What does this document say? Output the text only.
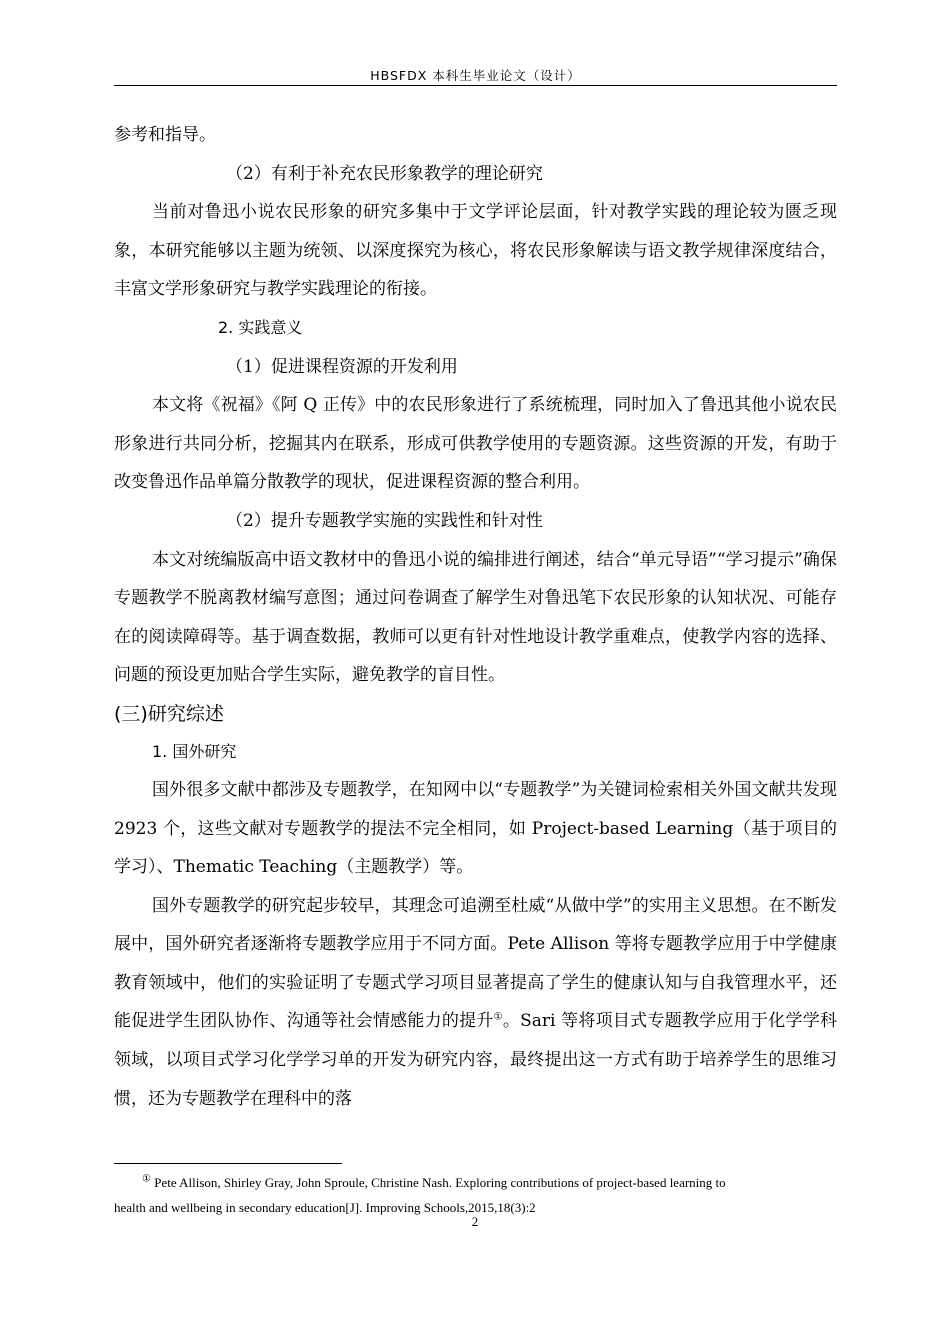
HBSFDX 本科生毕业论文（设计）

参考和指导。

（2）有利于补充农民形象教学的理论研究

当前对鲁迅小说农民形象的研究多集中于文学评论层面，针对教学实践的理论较为匮乏现象，本研究能够以主题为统领、以深度探究为核心，将农民形象解读与语文教学规律深度结合，丰富文学形象研究与教学实践理论的衔接。

2. 实践意义

（1）促进课程资源的开发利用

本文将《祝福》《阿 Q 正传》中的农民形象进行了系统梳理，同时加入了鲁迅其他小说农民形象进行共同分析，挖掘其内在联系，形成可供教学使用的专题资源。这些资源的开发，有助于改变鲁迅作品单篇分散教学的现状，促进课程资源的整合利用。

（2）提升专题教学实施的实践性和针对性

本文对统编版高中语文教材中的鲁迅小说的编排进行阐述，结合“单元导语”“学习提示”确保专题教学不脱离教材编写意图；通过问卷调查了解学生对鲁迅笔下农民形象的认知状况、可能存在的阅读障碍等。基于调查数据，教师可以更有针对性地设计教学重难点，使教学内容的选择、问题的预设更加贴合学生实际，避免教学的盲目性。

(三)研究综述

1. 国外研究

国外很多文献中都涉及专题教学，在知网中以“专题教学”为关键词检索相关外国文献共发现 2923 个，这些文献对专题教学的提法不完全相同，如 Project-based Learning（基于项目的学习）、Thematic Teaching（主题教学）等。

国外专题教学的研究起步较早，其理念可追溯至杜威“从做中学”的实用主义思想。在不断发展中，国外研究者逐渐将专题教学应用于不同方面。Pete Allison 等将专题教学应用于中学健康教育领域中，他们的实验证明了专题式学习项目显著提高了学生的健康认知与自我管理水平，还能促进学生团队协作、沟通等社会情感能力的提升①。Sari 等将项目式专题教学应用于化学学科领域，以项目式学习化学学习单的开发为研究内容，最终提出这一方式有助于培养学生的思维习惯，还为专题教学在理科中的落

① Pete Allison, Shirley Gray, John Sproule, Christine Nash. Exploring contributions of project-based learning to
health and wellbeing in secondary education[J]. Improving Schools,2015,18(3):2
2
